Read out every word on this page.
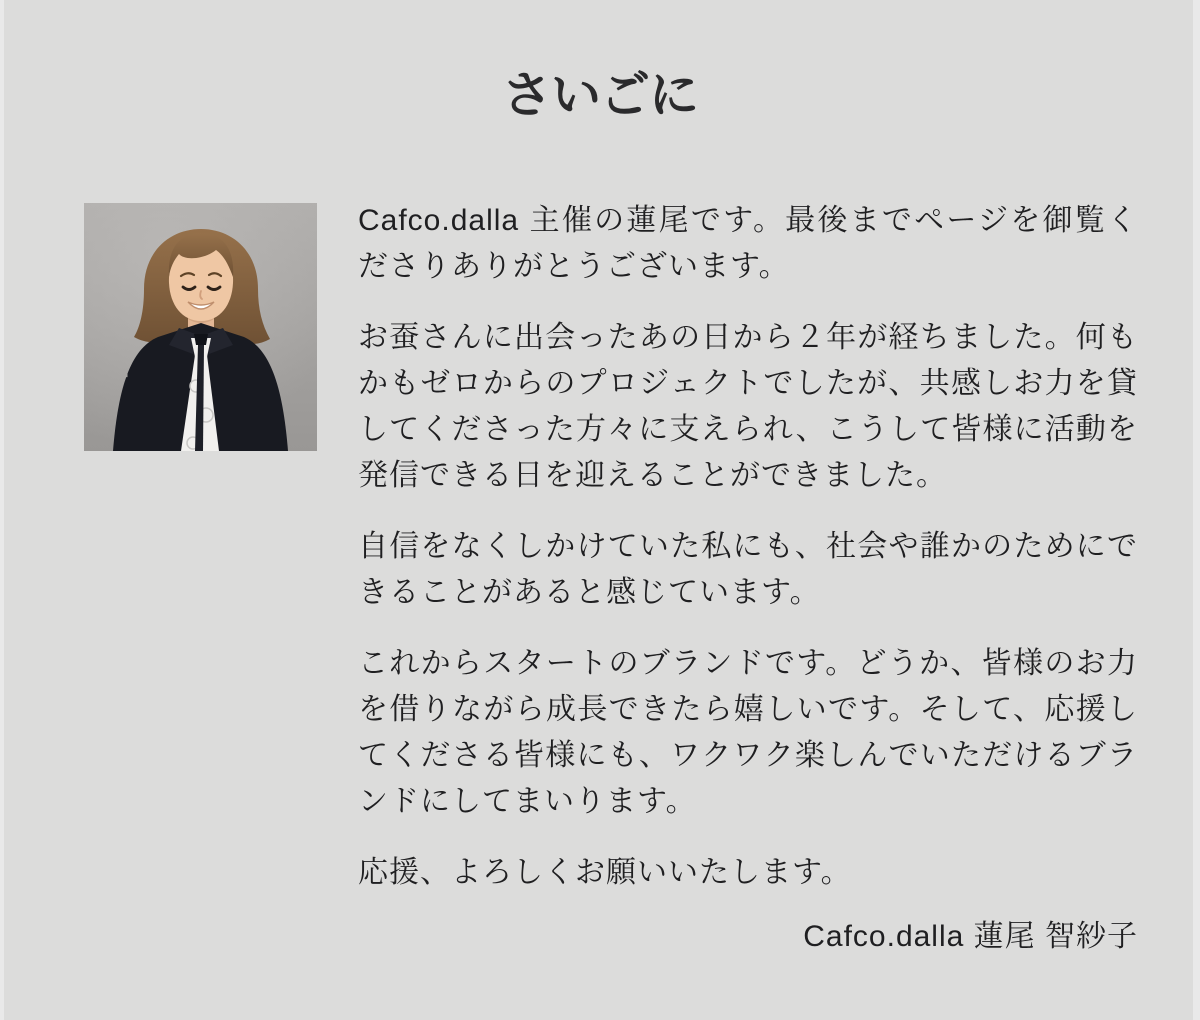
さいごに

Cafco.dalla 主催の蓮尾です。最後までページを御覧くださりありがとうございます。

お蚕さんに出会ったあの日から２年が経ちました。何もかもゼロからのプロジェクトでしたが、共感しお力を貸してくださった方々に支えられ、こうして皆様に活動を発信できる日を迎えることができました。

自信をなくしかけていた私にも、社会や誰かのためにできることがあると感じています。

これからスタートのブランドです。どうか、皆様のお力を借りながら成長できたら嬉しいです。そして、応援してくださる皆様にも、ワクワク楽しんでいただけるブランドにしてまいります。

応援、よろしくお願いいたします。

Cafco.dalla 蓮尾 智紗子
